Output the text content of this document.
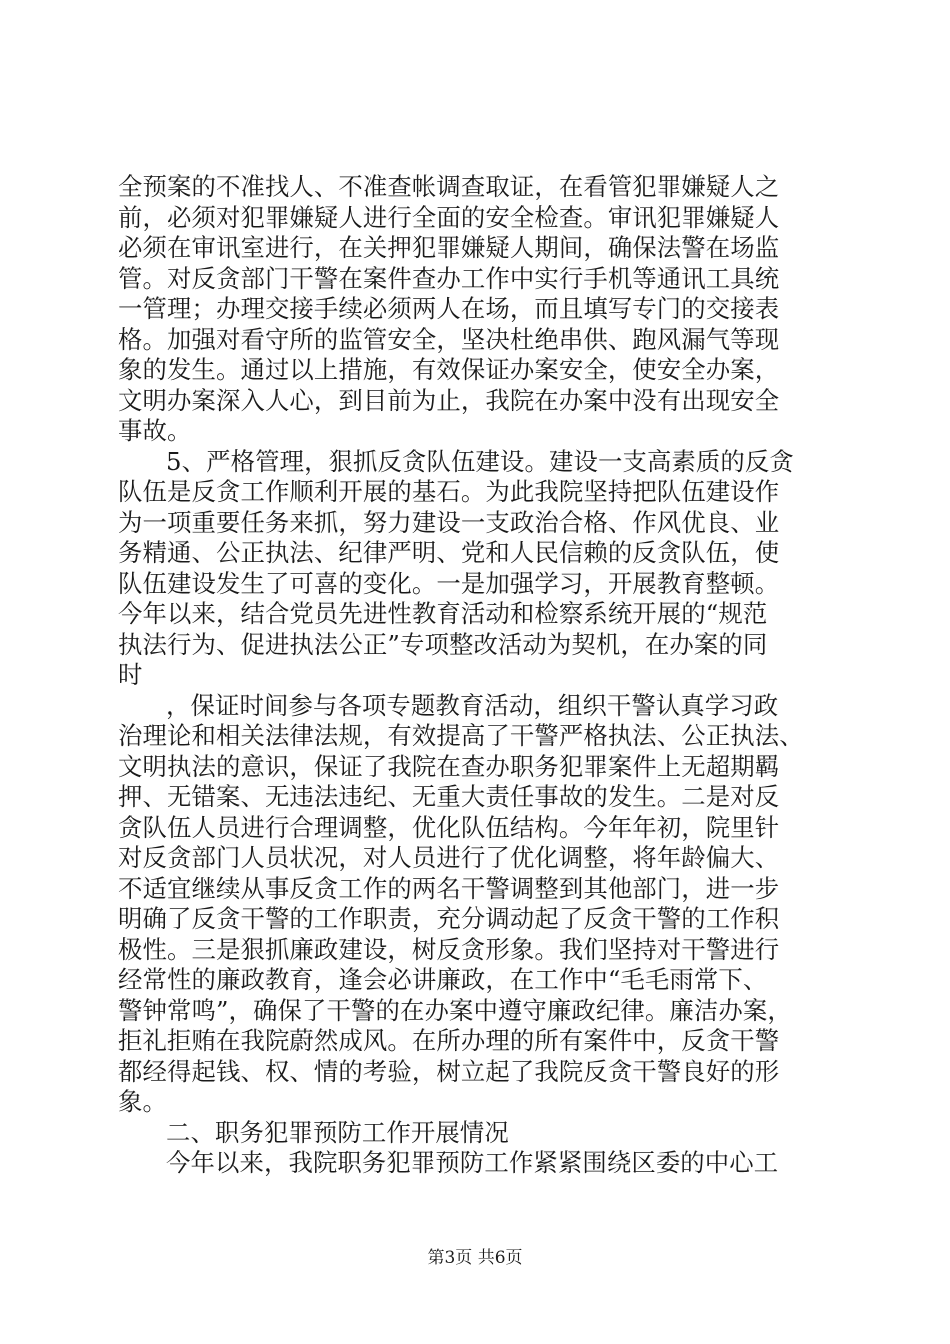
全预案的不准找人、不准查帐调查取证，在看管犯罪嫌疑人之
前，必须对犯罪嫌疑人进行全面的安全检查。审讯犯罪嫌疑人
必须在审讯室进行，在关押犯罪嫌疑人期间，确保法警在场监
管。对反贪部门干警在案件查办工作中实行手机等通讯工具统
一管理；办理交接手续必须两人在场，而且填写专门的交接表
格。加强对看守所的监管安全，坚决杜绝串供、跑风漏气等现
象的发生。通过以上措施，有效保证办案安全，使安全办案，
文明办案深入人心，到目前为止，我院在办案中没有出现安全
事故。
5、严格管理，狠抓反贪队伍建设。建设一支高素质的反贪
队伍是反贪工作顺利开展的基石。为此我院坚持把队伍建设作
为一项重要任务来抓，努力建设一支政治合格、作风优良、业
务精通、公正执法、纪律严明、党和人民信赖的反贪队伍，使
队伍建设发生了可喜的变化。一是加强学习，开展教育整顿。
今年以来，结合党员先进性教育活动和检察系统开展的“规范
执法行为、促进执法公正”专项整改活动为契机，在办案的同
时
，保证时间参与各项专题教育活动，组织干警认真学习政
治理论和相关法律法规，有效提高了干警严格执法、公正执法、
文明执法的意识，保证了我院在查办职务犯罪案件上无超期羁
押、无错案、无违法违纪、无重大责任事故的发生。二是对反
贪队伍人员进行合理调整，优化队伍结构。今年年初，院里针
对反贪部门人员状况，对人员进行了优化调整，将年龄偏大、
不适宜继续从事反贪工作的两名干警调整到其他部门，进一步
明确了反贪干警的工作职责，充分调动起了反贪干警的工作积
极性。三是狠抓廉政建设，树反贪形象。我们坚持对干警进行
经常性的廉政教育，逢会必讲廉政，在工作中“毛毛雨常下、
警钟常鸣”，确保了干警的在办案中遵守廉政纪律。廉洁办案，
拒礼拒贿在我院蔚然成风。在所办理的所有案件中，反贪干警
都经得起钱、权、情的考验，树立起了我院反贪干警良好的形
象。
二、职务犯罪预防工作开展情况
今年以来，我院职务犯罪预防工作紧紧围绕区委的中心工
第3页 共6页
